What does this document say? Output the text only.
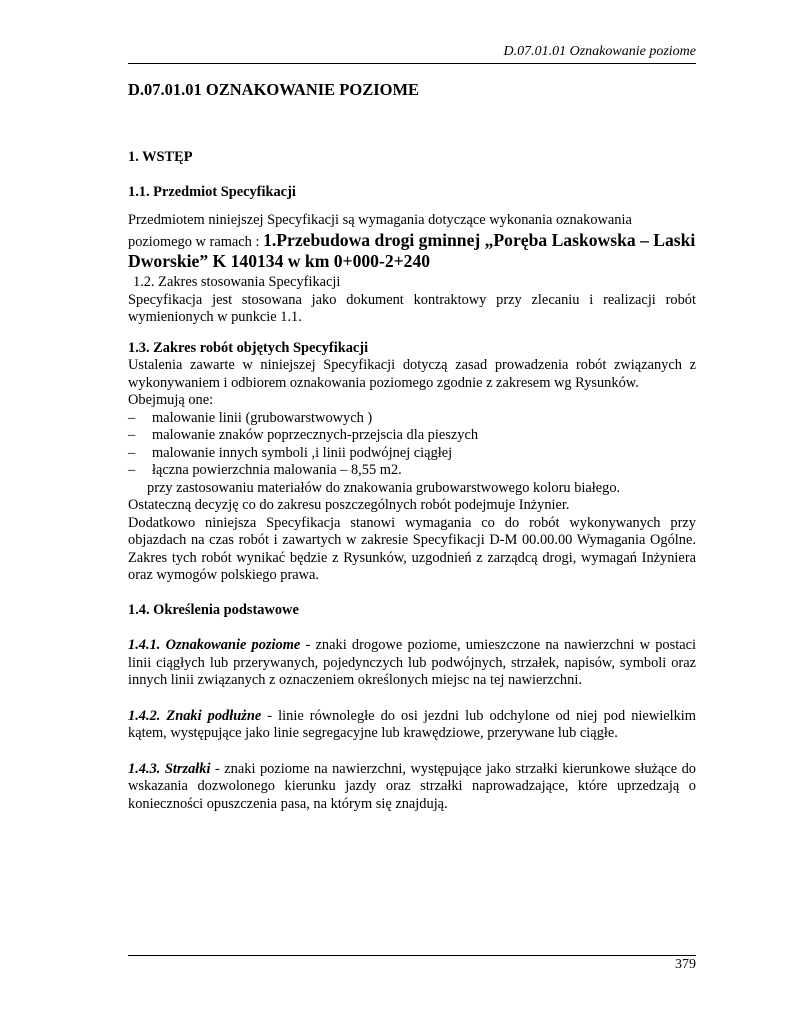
D.07.01.01 Oznakowanie poziome
D.07.01.01 OZNAKOWANIE POZIOME
1. WSTĘP
1.1. Przedmiot Specyfikacji
Przedmiotem niniejszej Specyfikacji są wymagania dotyczące wykonania oznakowania
poziomego w ramach : 1.Przebudowa drogi gminnej „Poręba Laskowska – Laski
Dworskie” K 140134 w km 0+000-2+240
1.2. Zakres stosowania Specyfikacji
Specyfikacja jest stosowana jako dokument kontraktowy przy zlecaniu i realizacji robót wymienionych w punkcie 1.1.
1.3. Zakres robót objętych Specyfikacji
Ustalenia zawarte w niniejszej Specyfikacji dotyczą zasad prowadzenia robót związanych z wykonywaniem i odbiorem oznakowania poziomego zgodnie z zakresem wg Rysunków.
Obejmują one:
– malowanie linii (grubowarstwowych )
– malowanie znaków poprzecznych-przejscia dla pieszych
– malowanie innych symboli ,i linii podwójnej ciągłej
– łączna powierzchnia malowania – 8,55 m2.
przy zastosowaniu materiałów do znakowania grubowarstwowego koloru białego.
Ostateczną decyzję co do zakresu poszczególnych robót podejmuje Inżynier.
Dodatkowo niniejsza Specyfikacja stanowi wymagania co do robót wykonywanych przy objazdach na czas robót i zawartych w zakresie Specyfikacji D-M 00.00.00 Wymagania Ogólne. Zakres tych robót wynikać będzie z Rysunków, uzgodnień z zarządcą drogi, wymagań Inżyniera oraz wymogów polskiego prawa.
1.4. Określenia podstawowe
1.4.1. Oznakowanie poziome - znaki drogowe poziome, umieszczone na nawierzchni w postaci linii ciągłych lub przerywanych, pojedynczych lub podwójnych, strzałek, napisów, symboli oraz innych linii związanych z oznaczeniem określonych miejsc na tej nawierzchni.
1.4.2. Znaki podłużne - linie równoległe do osi jezdni lub odchylone od niej pod niewielkim kątem, występujące jako linie segregacyjne lub krawędziowe, przerywane lub ciągłe.
1.4.3. Strzałki - znaki poziome na nawierzchni, występujące jako strzałki kierunkowe służące do wskazania dozwolonego kierunku jazdy oraz strzałki naprowadzające, które uprzedzają o konieczności opuszczenia pasa, na którym się znajdują.
379
